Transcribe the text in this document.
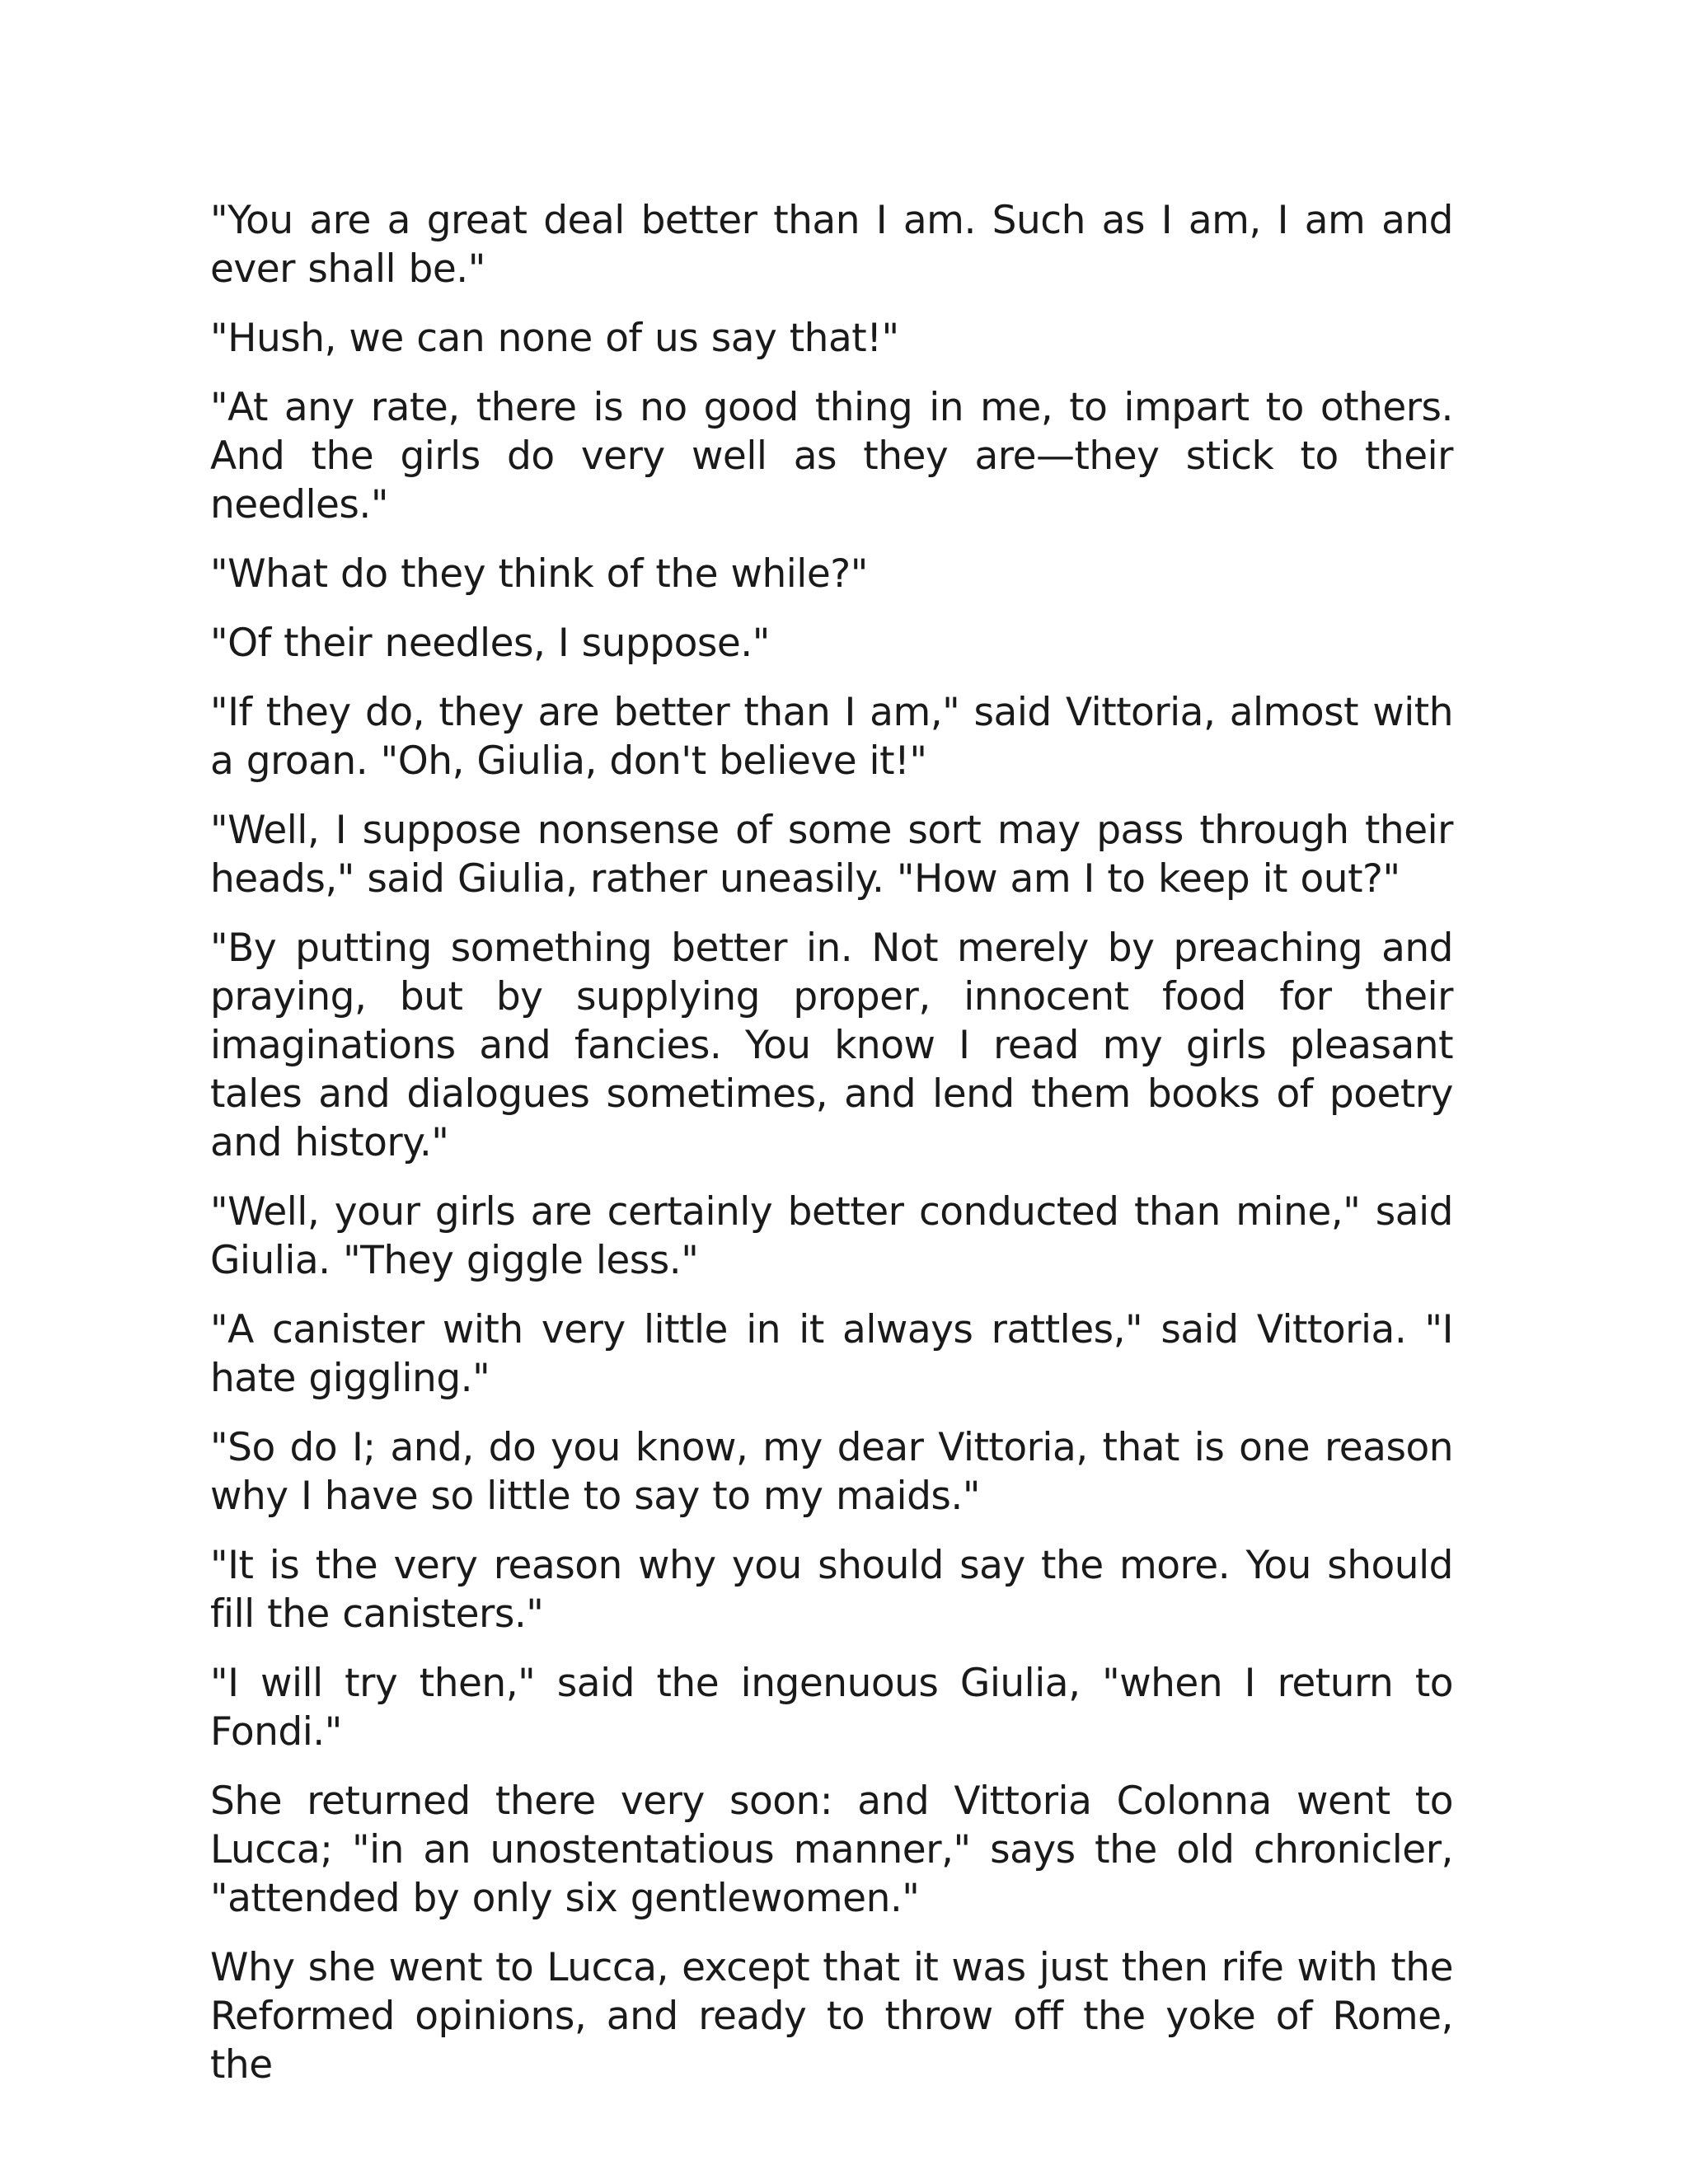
"You are a great deal better than I am. Such as I am, I am and ever shall be."

"Hush, we can none of us say that!"

"At any rate, there is no good thing in me, to impart to others. And the girls do very well as they are—they stick to their needles."

"What do they think of the while?"

"Of their needles, I suppose."

"If they do, they are better than I am," said Vittoria, almost with a groan. "Oh, Giulia, don't believe it!"

"Well, I suppose nonsense of some sort may pass through their heads," said Giulia, rather uneasily. "How am I to keep it out?"

"By putting something better in. Not merely by preaching and praying, but by supplying proper, innocent food for their imaginations and fancies. You know I read my girls pleasant tales and dialogues sometimes, and lend them books of poetry and history."

"Well, your girls are certainly better conducted than mine," said Giulia. "They giggle less."

"A canister with very little in it always rattles," said Vittoria. "I hate giggling."

"So do I; and, do you know, my dear Vittoria, that is one reason why I have so little to say to my maids."

"It is the very reason why you should say the more. You should fill the canisters."

"I will try then," said the ingenuous Giulia, "when I return to Fondi."

She returned there very soon: and Vittoria Colonna went to Lucca; "in an unostentatious manner," says the old chronicler, "attended by only six gentlewomen."

Why she went to Lucca, except that it was just then rife with the Reformed opinions, and ready to throw off the yoke of Rome, the
